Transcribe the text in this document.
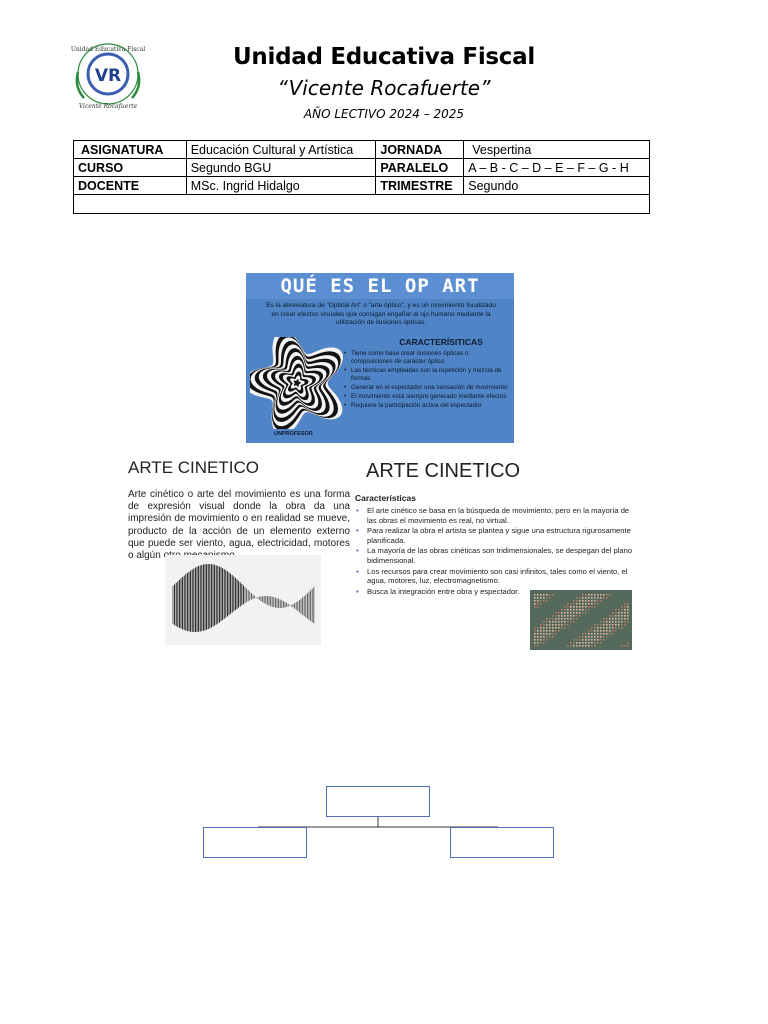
VR
Unidad Educativa Fiscal
Vicente Rocafuerte
Unidad Educativa Fiscal
“Vicente Rocafuerte”
AÑO LECTIVO 2024 – 2025
ASIGNATURA	Educación Cultural y Artística	JORNADA	Vespertina
CURSO	Segundo BGU	PARALELO	A – B - C – D – E – F – G - H
DOCENTE	MSc. Ingrid Hidalgo	TRIMESTRE	Segundo

QUÉ ES EL OP ART
Es la abreviatura de “Optical Art” o “arte óptico”, y es un movimiento focalizado en crear efectos visuales que consigan engañar al ojo humano mediante la utilización de ilusiones ópticas.
CARACTERÍSITICAS
• Tiene como base crear ilusiones ópticas o composiciones de carácter óptico
• Las técnicas empleadas son la repetición y mezcla de formas
• Generar en el espectador una sensación de movimiento
• El movimiento está siempre generado mediante efectos
• Requiere la participación activa del espectador
UNPROFESOR
ARTE CINETICO
Arte cinético o arte del movimiento es una forma de expresión visual donde la obra da una impresión de movimiento o en realidad se mueve, producto de la acción de un elemento externo que puede ser viento, agua, electricidad, motores o algún otro mecanismo.
ARTE CINETICO
Características
• El arte cinético se basa en la búsqueda de movimiento, pero en la mayoría de las obras el movimiento es real, no virtual.
• Para realizar la obra el artista se plantea y sigue una estructura rigurosamente planificada.
• La mayoría de las obras cinéticas son tridimensionales, se despegan del plano bidimensional.
• Los recursos para crear movimiento son casi infinitos, tales como el viento, el agua, motores, luz, electromagnetismo.
• Busca la integración entre obra y espectador.
